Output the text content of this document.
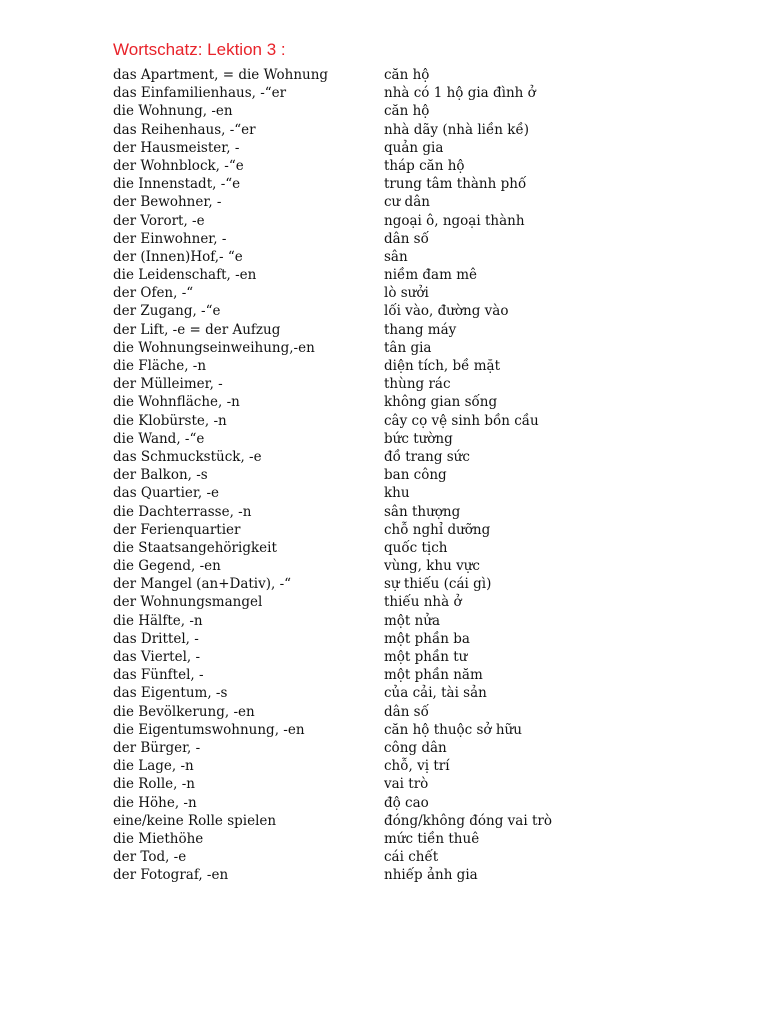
Wortschatz: Lektion 3 :
das Apartment, = die Wohnung	căn hộ
das Einfamilienhaus, -“er	nhà có 1 hộ gia đình ở
die Wohnung, -en	căn hộ
das Reihenhaus, -“er	nhà dãy (nhà liền kề)
der Hausmeister, -	quản gia
der Wohnblock, -“e	tháp căn hộ
die Innenstadt, -“e	trung tâm thành phố
der Bewohner, -	cư dân
der Vorort, -e	ngoại ô, ngoại thành
der Einwohner, -	dân số
der (Innen)Hof,- “e	sân
die Leidenschaft, -en	niềm đam mê
der Ofen, -“	lò sưởi
der Zugang, -“e	lối vào, đường vào
der Lift, -e = der Aufzug	thang máy
die Wohnungseinweihung,-en	tân gia
die Fläche, -n	diện tích, bề mặt
der Mülleimer, -	thùng rác
die Wohnfläche, -n	không gian sống
die Klobürste, -n	cây cọ vệ sinh bồn cầu
die Wand, -“e	bức tường
das Schmuckstück, -e	đồ trang sức
der Balkon, -s	ban công
das Quartier, -e	khu
die Dachterrasse, -n	sân thượng
der Ferienquartier	chỗ nghỉ dưỡng
die Staatsangehörigkeit	quốc tịch
die Gegend, -en	vùng, khu vực
der Mangel (an+Dativ), -“	sự thiếu (cái gì)
der Wohnungsmangel	thiếu nhà ở
die Hälfte, -n	một nửa
das Drittel, -	một phần ba
das Viertel, -	một phần tư
das Fünftel, -	một phần năm
das Eigentum, -s	của cải, tài sản
die Bevölkerung, -en	dân số
die Eigentumswohnung, -en	căn hộ thuộc sở hữu
der Bürger, -	công dân
die Lage, -n	chỗ, vị trí
die Rolle, -n	vai trò
die Höhe, -n	độ cao
eine/keine Rolle spielen	đóng/không đóng vai trò
die Miethöhe	mức tiền thuê
der Tod, -e	cái chết
der Fotograf, -en	nhiếp ảnh gia
